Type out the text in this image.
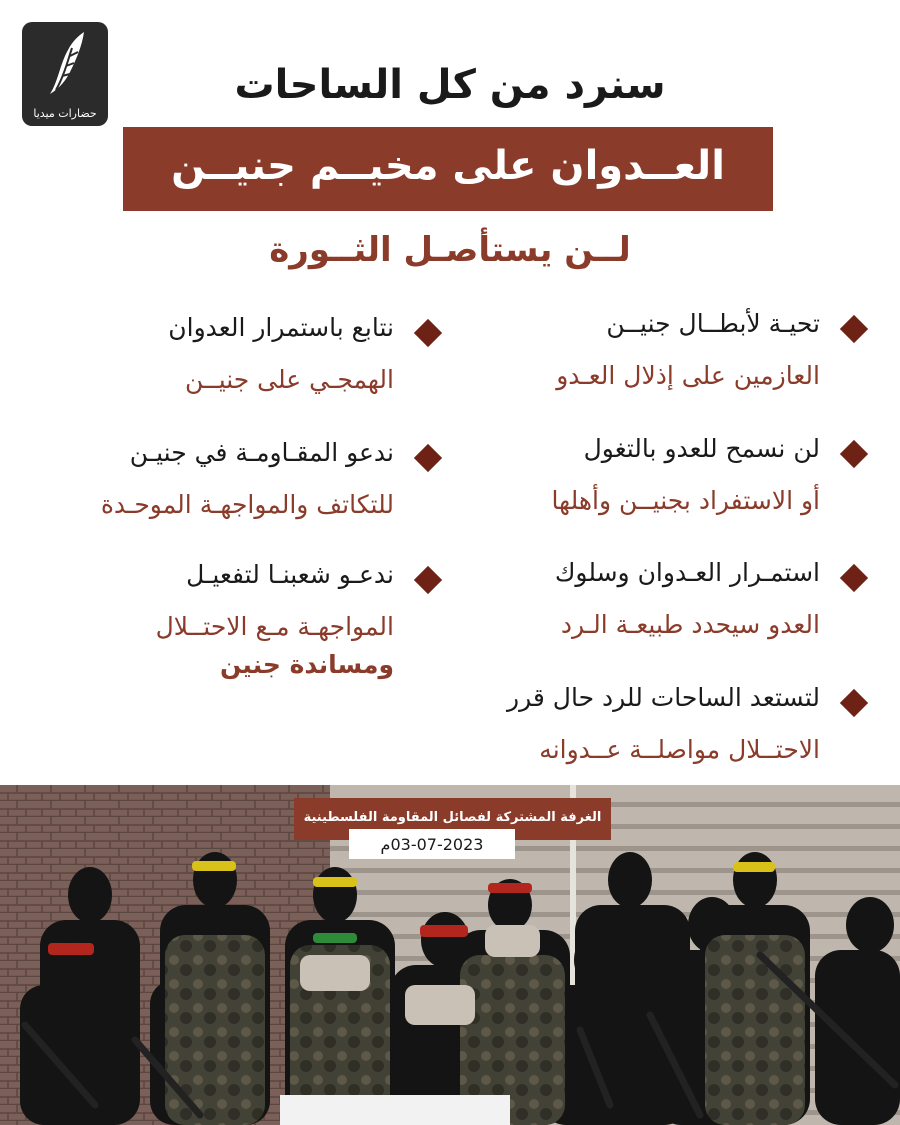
حضارات ميديا
سنرد من كل الساحات
العــدوان على مخيــم جنيــن
لــن يستأصـل الثــورة
تحيـة لأبطــال جنيــن
العازمين على إذلال العـدو
لن نسمح للعدو بالتغول
أو الاستفراد بجنيــن وأهلها
استمـرار العـدوان وسلوك
العدو سيحدد طبيعـة الـرد
لتستعد الساحات للرد حال قرر
الاحتــلال مواصلــة عــدوانه
نتابع باستمرار العدوان
الهمجـي على جنيــن
ندعو المقـاومـة في جنيـن
للتكاتف والمواجهـة الموحـدة
ندعـو شعبنـا لتفعيـل
المواجهـة مـع الاحتــلال
ومساندة جنين
الغرفة المشتركة لفصائل المقاومة الفلسطينية
03-07-2023م
